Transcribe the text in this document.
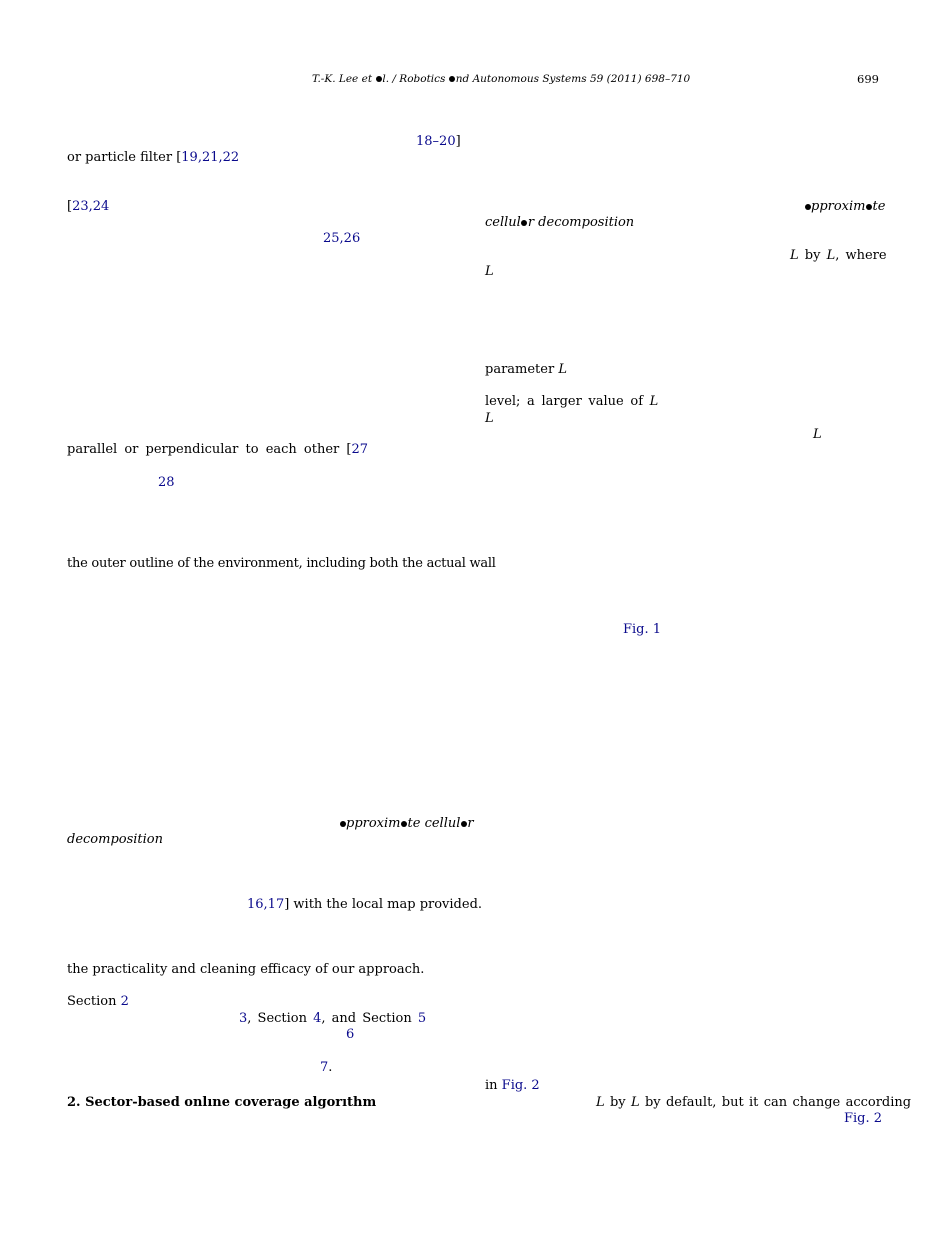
T.-K. Lee et l. / Robotics nd Autonomous Systems 59 (2011) 698–710	699
18–20]
or particle filter [19,21,22
[23,24
25,26
parallel or perpendicular to each other [27
28
the outer outline of the environment, including both the actual wall
pproxim te cellul r
decomposition
16,17] with the local map provided.
the practicality and cleaning efficacy of our approach.
Section 2
3, Section 4, and Section 5
6
7.
2. Sector-based onlıne coverage algorıthm
pproxim te
cellul r decomposition
L by L, where
L
parameter L
level; a larger value of L
L
L
Fig. 1
in Fig. 2
L by L by default, but it can change according
Fig. 2
